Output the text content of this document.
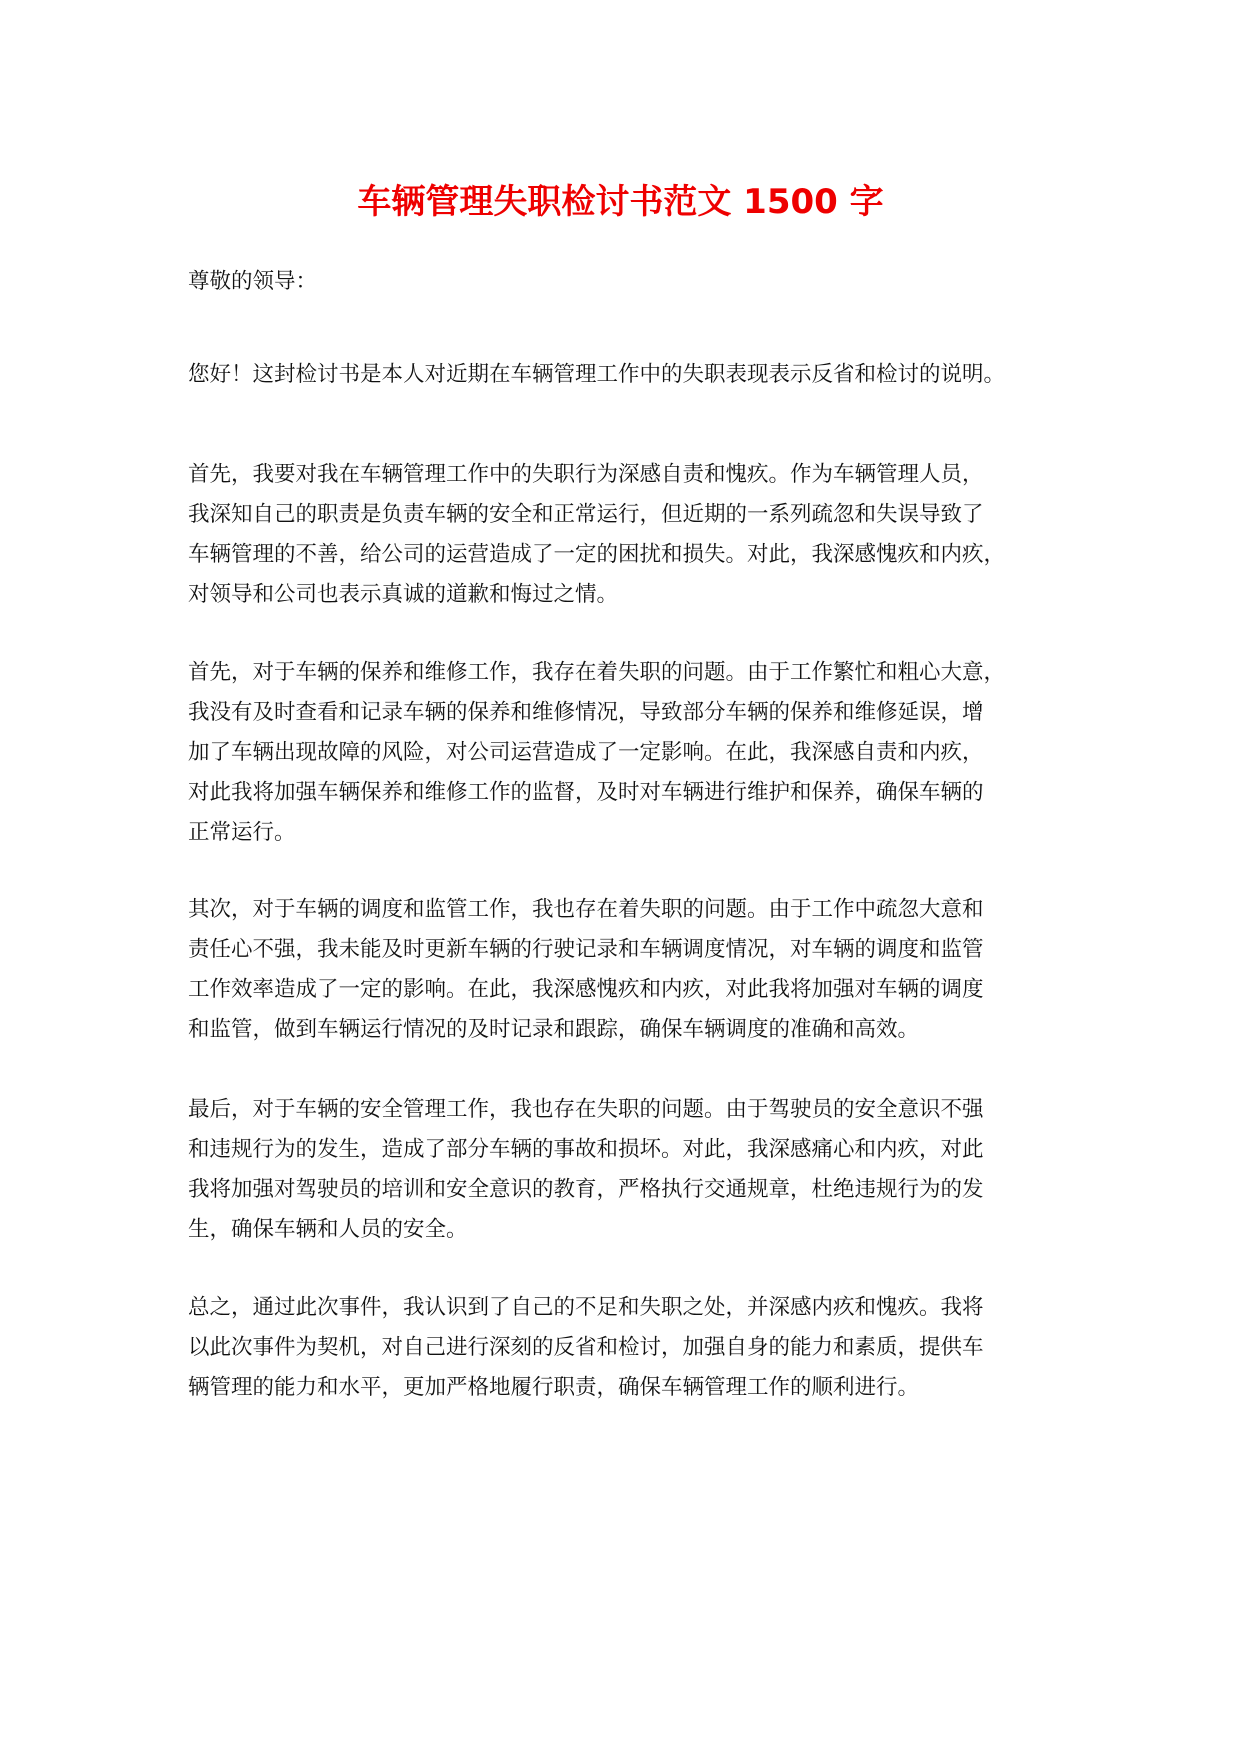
车辆管理失职检讨书范文 1500 字
尊敬的领导：
您好！这封检讨书是本人对近期在车辆管理工作中的失职表现表示反省和检讨的说明。
首先，我要对我在车辆管理工作中的失职行为深感自责和愧疚。作为车辆管理人员，
我深知自己的职责是负责车辆的安全和正常运行，但近期的一系列疏忽和失误导致了
车辆管理的不善，给公司的运营造成了一定的困扰和损失。对此，我深感愧疚和内疚，
对领导和公司也表示真诚的道歉和悔过之情。
首先，对于车辆的保养和维修工作，我存在着失职的问题。由于工作繁忙和粗心大意，
我没有及时查看和记录车辆的保养和维修情况，导致部分车辆的保养和维修延误，增
加了车辆出现故障的风险，对公司运营造成了一定影响。在此，我深感自责和内疚，
对此我将加强车辆保养和维修工作的监督，及时对车辆进行维护和保养，确保车辆的
正常运行。
其次，对于车辆的调度和监管工作，我也存在着失职的问题。由于工作中疏忽大意和
责任心不强，我未能及时更新车辆的行驶记录和车辆调度情况，对车辆的调度和监管
工作效率造成了一定的影响。在此，我深感愧疚和内疚，对此我将加强对车辆的调度
和监管，做到车辆运行情况的及时记录和跟踪，确保车辆调度的准确和高效。
最后，对于车辆的安全管理工作，我也存在失职的问题。由于驾驶员的安全意识不强
和违规行为的发生，造成了部分车辆的事故和损坏。对此，我深感痛心和内疚，对此
我将加强对驾驶员的培训和安全意识的教育，严格执行交通规章，杜绝违规行为的发
生，确保车辆和人员的安全。
总之，通过此次事件，我认识到了自己的不足和失职之处，并深感内疚和愧疚。我将
以此次事件为契机，对自己进行深刻的反省和检讨，加强自身的能力和素质，提供车
辆管理的能力和水平，更加严格地履行职责，确保车辆管理工作的顺利进行。
